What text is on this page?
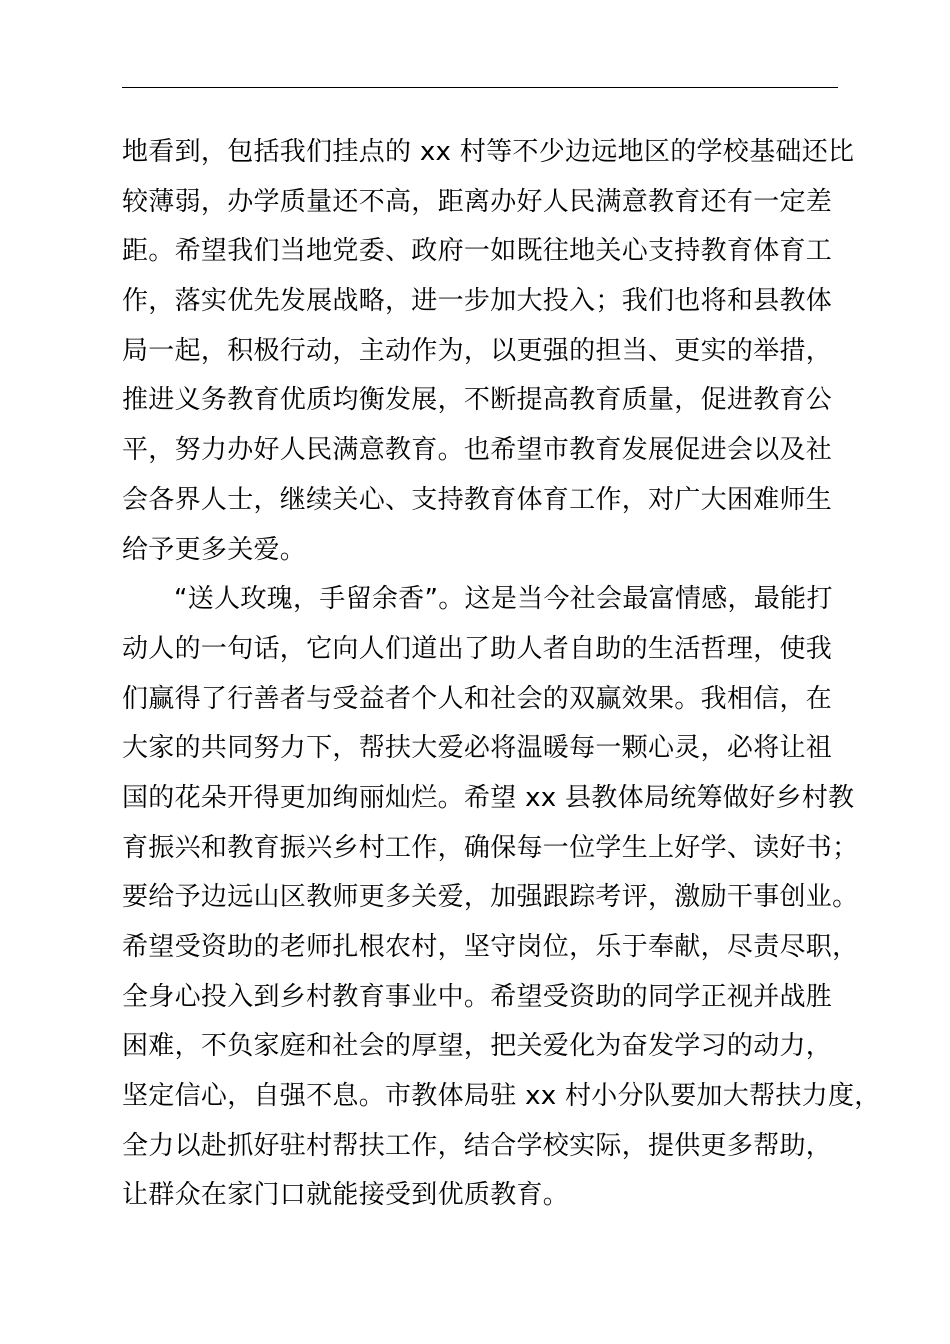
地看到，包括我们挂点的 xx 村等不少边远地区的学校基础还比
较薄弱，办学质量还不高，距离办好人民满意教育还有一定差
距。希望我们当地党委、政府一如既往地关心支持教育体育工
作，落实优先发展战略，进一步加大投入；我们也将和县教体
局一起，积极行动，主动作为，以更强的担当、更实的举措，
推进义务教育优质均衡发展，不断提高教育质量，促进教育公
平，努力办好人民满意教育。也希望市教育发展促进会以及社
会各界人士，继续关心、支持教育体育工作，对广大困难师生
给予更多关爱。
“送人玫瑰，手留余香”。这是当今社会最富情感，最能打
动人的一句话，它向人们道出了助人者自助的生活哲理，使我
们赢得了行善者与受益者个人和社会的双赢效果。我相信，在
大家的共同努力下，帮扶大爱必将温暖每一颗心灵，必将让祖
国的花朵开得更加绚丽灿烂。希望 xx 县教体局统筹做好乡村教
育振兴和教育振兴乡村工作，确保每一位学生上好学、读好书；
要给予边远山区教师更多关爱，加强跟踪考评，激励干事创业。
希望受资助的老师扎根农村，坚守岗位，乐于奉献，尽责尽职，
全身心投入到乡村教育事业中。希望受资助的同学正视并战胜
困难，不负家庭和社会的厚望，把关爱化为奋发学习的动力，
坚定信心，自强不息。市教体局驻 xx 村小分队要加大帮扶力度，
全力以赴抓好驻村帮扶工作，结合学校实际，提供更多帮助，
让群众在家门口就能接受到优质教育。
